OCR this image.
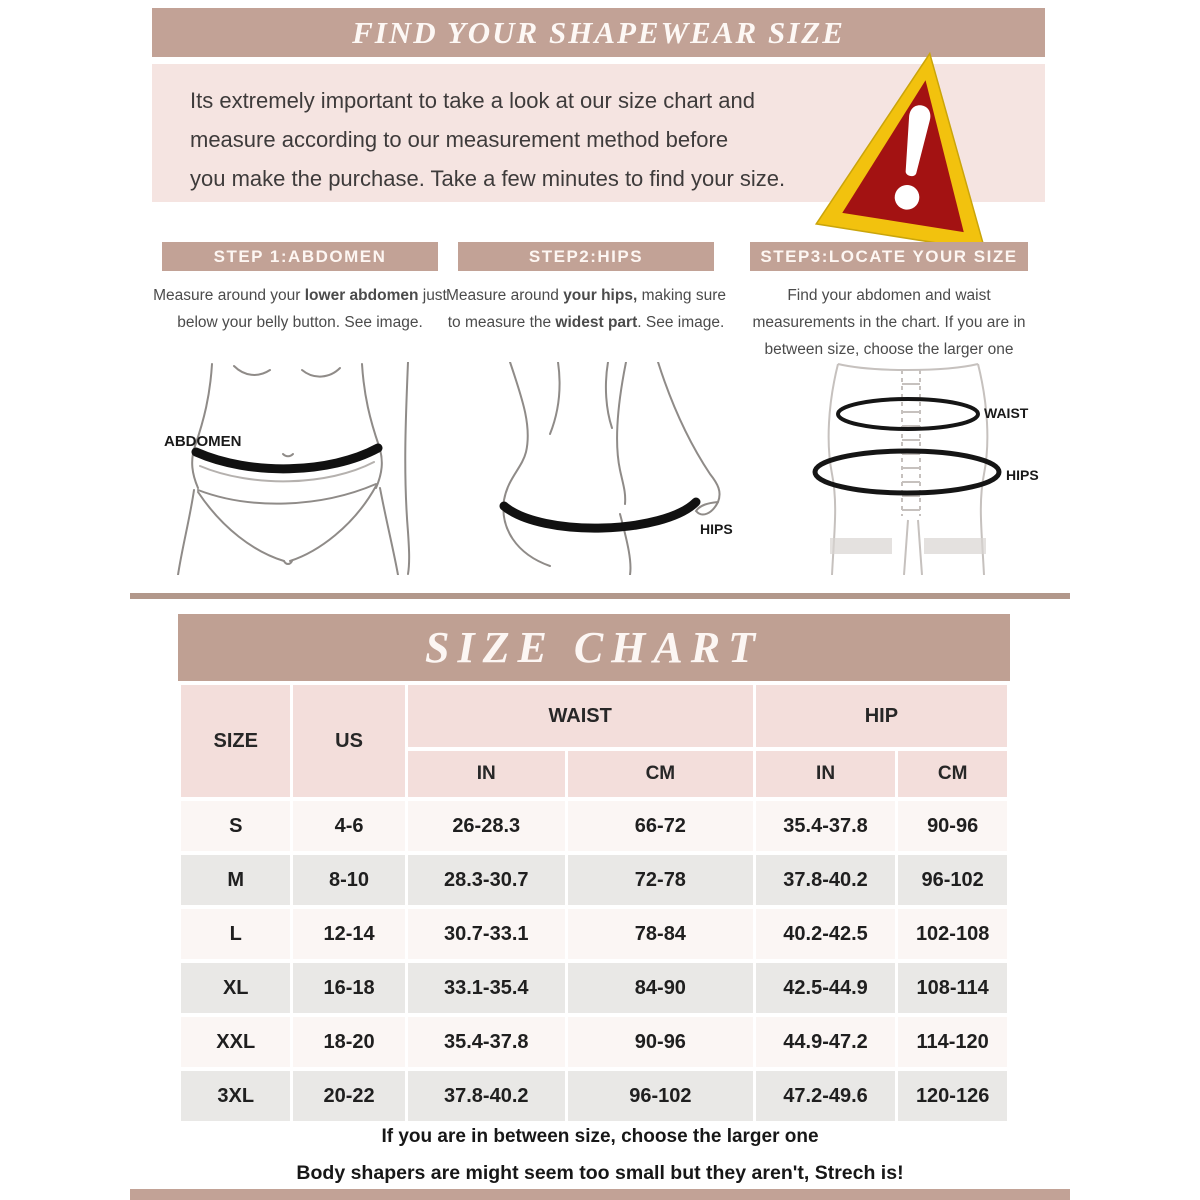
FIND YOUR SHAPEWEAR SIZE
Its extremely important to take a look at our size chart and
measure according to our measurement method before
you make the purchase. Take a few minutes to find your size.
STEP 1:ABDOMEN
Measure around your lower abdomen just below your belly button. See image.
STEP2:HIPS
Measure around your hips, making sure to measure the widest part. See image.
STEP3:LOCATE YOUR SIZE
Find your abdomen and waist measurements in the chart. If you are in between size, choose the larger one
ABDOMEN
HIPS
WAIST
HIPS
SIZE CHART
SIZE	US	WAIST		HIP	
		IN	CM	IN	CM
S	4-6	26-28.3	66-72	35.4-37.8	90-96
M	8-10	28.3-30.7	72-78	37.8-40.2	96-102
L	12-14	30.7-33.1	78-84	40.2-42.5	102-108
XL	16-18	33.1-35.4	84-90	42.5-44.9	108-114
XXL	18-20	35.4-37.8	90-96	44.9-47.2	114-120
3XL	20-22	37.8-40.2	96-102	47.2-49.6	120-126
If you are in between size, choose the larger one
Body shapers are might seem too small but they aren't, Strech is!
